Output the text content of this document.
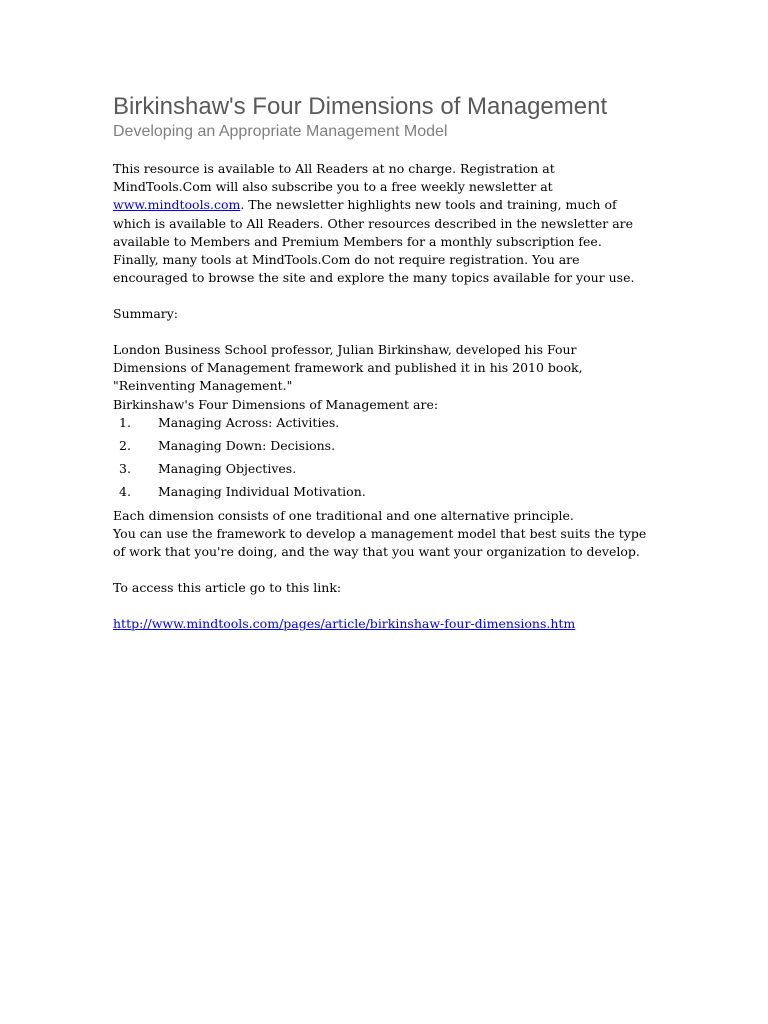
Birkinshaw's Four Dimensions of Management
Developing an Appropriate Management Model
This resource is available to All Readers at no charge. Registration at
MindTools.Com will also subscribe you to a free weekly newsletter at
www.mindtools.com. The newsletter highlights new tools and training, much of
which is available to All Readers. Other resources described in the newsletter are
available to Members and Premium Members for a monthly subscription fee.
Finally, many tools at MindTools.Com do not require registration. You are
encouraged to browse the site and explore the many topics available for your use.
Summary:
London Business School professor, Julian Birkinshaw, developed his Four
Dimensions of Management framework and published it in his 2010 book,
"Reinventing Management."
Birkinshaw's Four Dimensions of Management are:
1. Managing Across: Activities.
2. Managing Down: Decisions.
3. Managing Objectives.
4. Managing Individual Motivation.
Each dimension consists of one traditional and one alternative principle.
You can use the framework to develop a management model that best suits the type
of work that you're doing, and the way that you want your organization to develop.
To access this article go to this link:
http://www.mindtools.com/pages/article/birkinshaw-four-dimensions.htm
